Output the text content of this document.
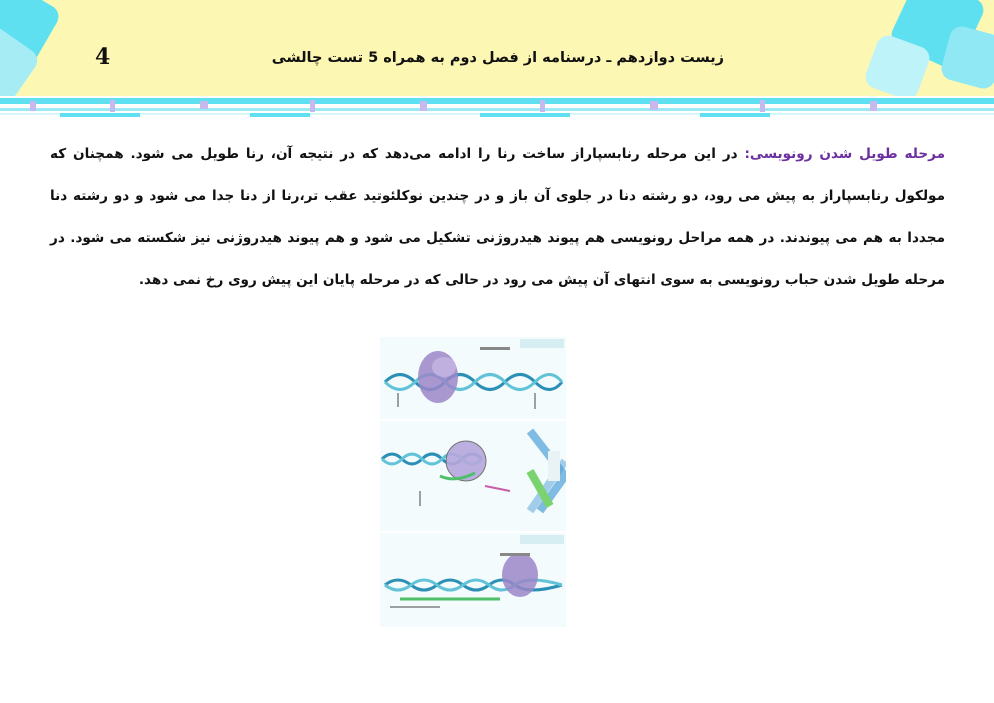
4	زیست دوازدهم ـ درسنامه از فصل دوم به همراه 5 تست چالشی
مرحله طویل شدن رونویسی: در این مرحله رنابسپاراز ساخت رنا را ادامه می‌دهد که در نتیجه آن، رنا طویل می شود. همچنان که مولکول رنابسپاراز به پیش می رود، دو رشته دنا در جلوی آن باز و در چندین نوکلئوتید عقب تر،رنا از دنا جدا می شود و دو رشته دنا مجددا به هم می پیوندند. در همه مراحل رونویسی هم پیوند هیدروژنی تشکیل می شود و هم پیوند هیدروژنی نیز شکسته می شود. در مرحله طویل شدن حباب رونویسی به سوی انتهای آن پیش می رود در حالی که در مرحله پایان این پیش روی رخ نمی دهد.
